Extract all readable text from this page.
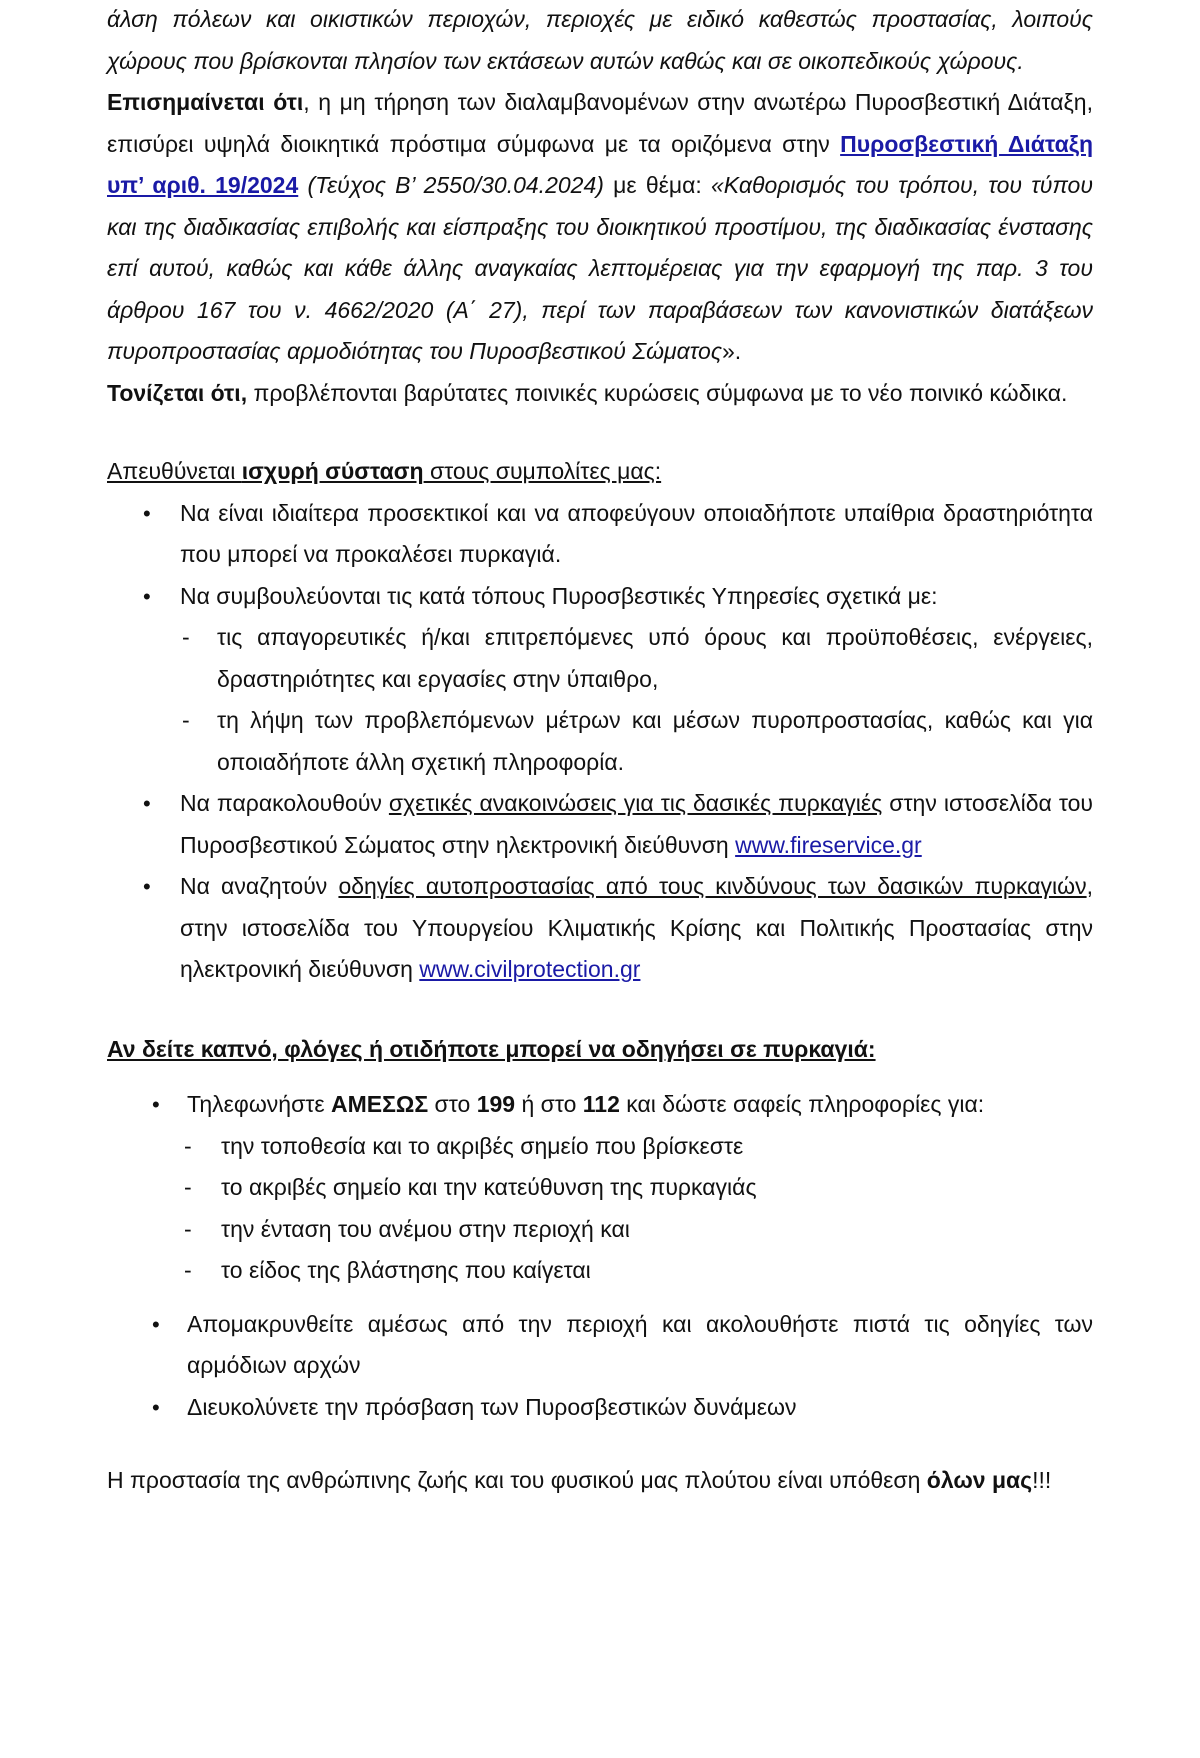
άλση πόλεων και οικιστικών περιοχών, περιοχές με ειδικό καθεστώς προστασίας, λοιπούς χώρους που βρίσκονται πλησίον των εκτάσεων αυτών καθώς και σε οικοπεδικούς χώρους.

Επισημαίνεται ότι, η μη τήρηση των διαλαμβανομένων στην ανωτέρω Πυροσβεστική Διάταξη, επισύρει υψηλά διοικητικά πρόστιμα σύμφωνα με τα οριζόμενα στην Πυροσβεστική Διάταξη υπ’ αριθ. 19/2024 (Τεύχος Β’ 2550/30.04.2024) με θέμα: «Καθορισμός του τρόπου, του τύπου και της διαδικασίας επιβολής και είσπραξης του διοικητικού προστίμου, της διαδικασίας ένστασης επί αυτού, καθώς και κάθε άλλης αναγκαίας λεπτομέρειας για την εφαρμογή της παρ. 3 του άρθρου 167 του ν. 4662/2020 (Α΄ 27), περί των παραβάσεων των κανονιστικών διατάξεων πυροπροστασίας αρμοδιότητας του Πυροσβεστικού Σώματος».

Τονίζεται ότι, προβλέπονται βαρύτατες ποινικές κυρώσεις σύμφωνα με το νέο ποινικό κώδικα.

Απευθύνεται ισχυρή σύσταση στους συμπολίτες μας:

• Να είναι ιδιαίτερα προσεκτικοί και να αποφεύγουν οποιαδήποτε υπαίθρια δραστηριότητα που μπορεί να προκαλέσει πυρκαγιά.
• Να συμβουλεύονται τις κατά τόπους Πυροσβεστικές Υπηρεσίες σχετικά με:
- τις απαγορευτικές ή/και επιτρεπόμενες υπό όρους και προϋποθέσεις, ενέργειες, δραστηριότητες και εργασίες στην ύπαιθρο,
- τη λήψη των προβλεπόμενων μέτρων και μέσων πυροπροστασίας, καθώς και για οποιαδήποτε άλλη σχετική πληροφορία.
• Να παρακολουθούν σχετικές ανακοινώσεις για τις δασικές πυρκαγιές στην ιστοσελίδα του Πυροσβεστικού Σώματος στην ηλεκτρονική διεύθυνση www.fireservice.gr
• Να αναζητούν οδηγίες αυτοπροστασίας από τους κινδύνους των δασικών πυρκαγιών, στην ιστοσελίδα του Υπουργείου Κλιματικής Κρίσης και Πολιτικής Προστασίας στην ηλεκτρονική διεύθυνση www.civilprotection.gr

Αν δείτε καπνό, φλόγες ή οτιδήποτε μπορεί να οδηγήσει σε πυρκαγιά:

• Τηλεφωνήστε ΑΜΕΣΩΣ στο 199 ή στο 112 και δώστε σαφείς πληροφορίες για:
- την τοποθεσία και το ακριβές σημείο που βρίσκεστε
- το ακριβές σημείο και την κατεύθυνση της πυρκαγιάς
- την ένταση του ανέμου στην περιοχή και
- το είδος της βλάστησης που καίγεται
• Απομακρυνθείτε αμέσως από την περιοχή και ακολουθήστε πιστά τις οδηγίες των αρμόδιων αρχών
• Διευκολύνετε την πρόσβαση των Πυροσβεστικών δυνάμεων

Η προστασία της ανθρώπινης ζωής και του φυσικού μας πλούτου είναι υπόθεση όλων μας!!!
